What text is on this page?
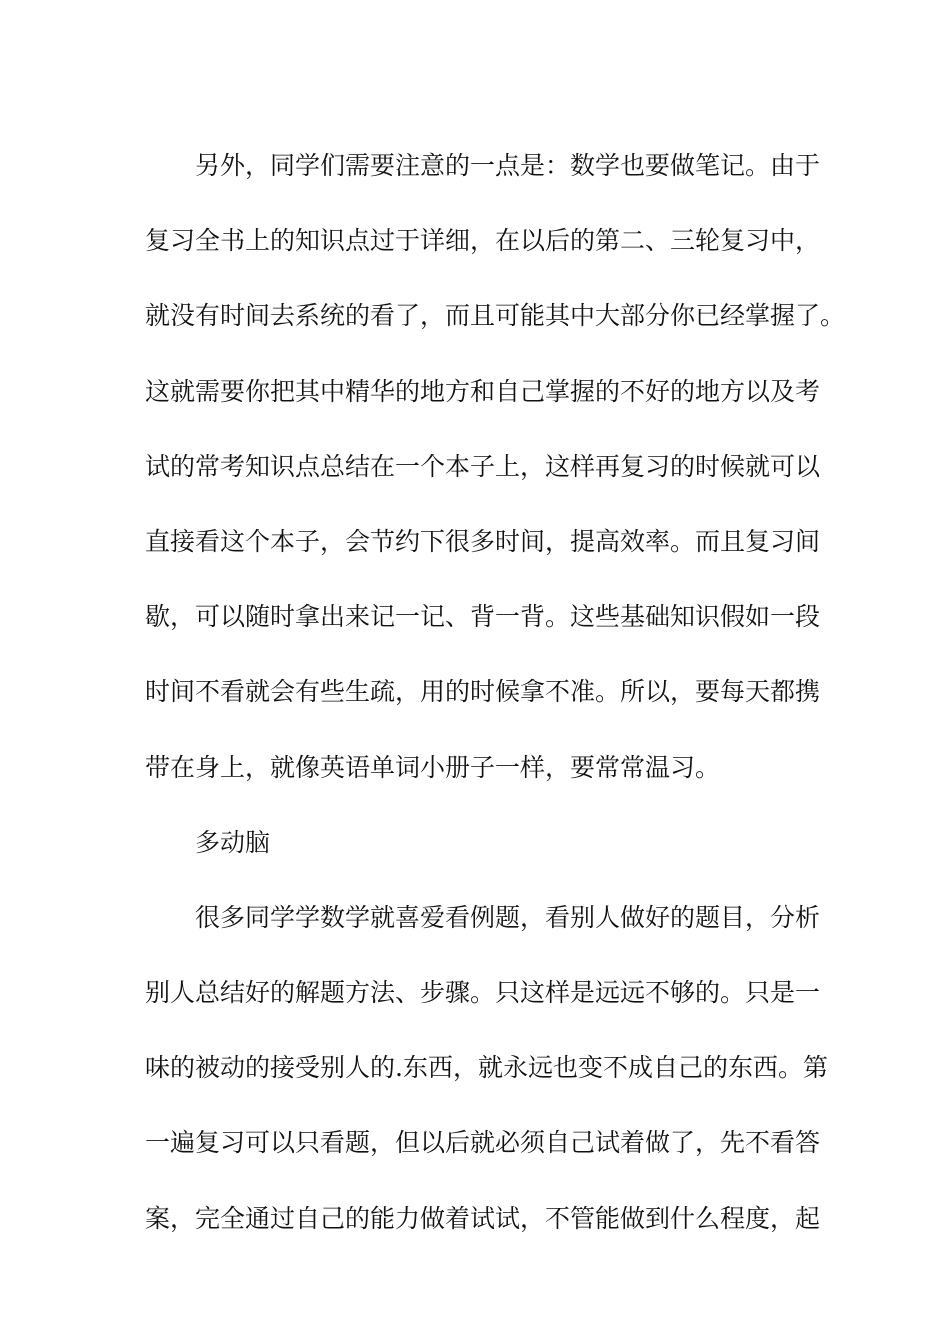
另外，同学们需要注意的一点是：数学也要做笔记。由于
复习全书上的知识点过于详细，在以后的第二、三轮复习中，
就没有时间去系统的看了，而且可能其中大部分你已经掌握了。
这就需要你把其中精华的地方和自己掌握的不好的地方以及考
试的常考知识点总结在一个本子上，这样再复习的时候就可以
直接看这个本子，会节约下很多时间，提高效率。而且复习间
歇，可以随时拿出来记一记、背一背。这些基础知识假如一段
时间不看就会有些生疏，用的时候拿不准。所以，要每天都携
带在身上，就像英语单词小册子一样，要常常温习。
多动脑
很多同学学数学就喜爱看例题，看别人做好的题目，分析
别人总结好的解题方法、步骤。只这样是远远不够的。只是一
味的被动的接受别人的.东西，就永远也变不成自己的东西。第
一遍复习可以只看题，但以后就必须自己试着做了，先不看答
案，完全通过自己的能力做着试试，不管能做到什么程度，起
